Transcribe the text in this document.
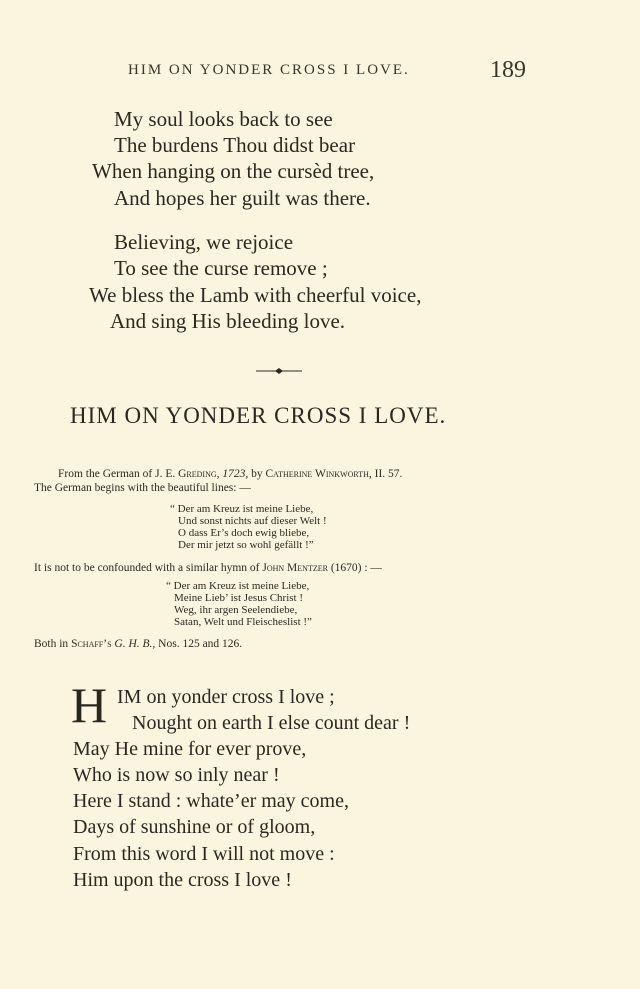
HIM ON YONDER CROSS I LOVE.	189
My soul looks back to see
The burdens Thou didst bear
When hanging on the cursèd tree,
And hopes her guilt was there.
Believing, we rejoice
To see the curse remove ;
We bless the Lamb with cheerful voice,
And sing His bleeding love.
HIM ON YONDER CROSS I LOVE.
From the German of J. E. Greding, 1723, by Catherine Winkworth, II. 57.
The German begins with the beautiful lines: —
“ Der am Kreuz ist meine Liebe,
Und sonst nichts auf dieser Welt !
O dass Er’s doch ewig bliebe,
Der mir jetzt so wohl gefällt !”
It is not to be confounded with a similar hymn of John Mentzer (1670) : —
“ Der am Kreuz ist meine Liebe,
Meine Lieb’ ist Jesus Christ !
Weg, ihr argen Seelendiebe,
Satan, Welt und Fleischeslist !”
Both in Schaff’s G. H. B., Nos. 125 and 126.
H IM on yonder cross I love ;
Nought on earth I else count dear !
May He mine for ever prove,
Who is now so inly near !
Here I stand : whate’er may come,
Days of sunshine or of gloom,
From this word I will not move :
Him upon the cross I love !
